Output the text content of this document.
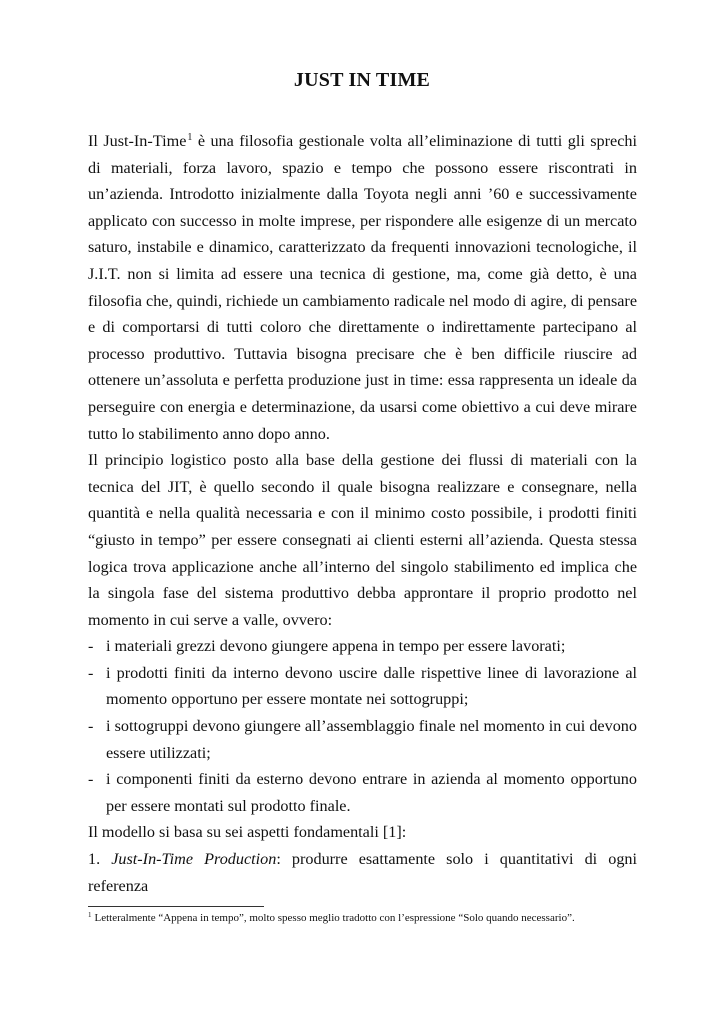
JUST IN TIME

Il Just-In-Time$^1$ è una filosofia gestionale volta all’eliminazione di tutti gli sprechi di materiali, forza lavoro, spazio e tempo che possono essere riscontrati in un’azienda. Introdotto inizialmente dalla Toyota negli anni ’60 e successivamente applicato con successo in molte imprese, per rispondere alle esigenze di un mercato saturo, instabile e dinamico, caratterizzato da frequenti innovazioni tecnologiche, il J.I.T. non si limita ad essere una tecnica di gestione, ma, come già detto, è una filosofia che, quindi, richiede un cambiamento radicale nel modo di agire, di pensare e di comportarsi di tutti coloro che direttamente o indirettamente partecipano al processo produttivo. Tuttavia bisogna precisare che è ben difficile riuscire ad ottenere un’assoluta e perfetta produzione just in time: essa rappresenta un ideale da perseguire con energia e determinazione, da usarsi come obiettivo a cui deve mirare tutto lo stabilimento anno dopo anno.

Il principio logistico posto alla base della gestione dei flussi di materiali con la tecnica del JIT, è quello secondo il quale bisogna realizzare e consegnare, nella quantità e nella qualità necessaria e con il minimo costo possibile, i prodotti finiti “giusto in tempo” per essere consegnati ai clienti esterni all’azienda. Questa stessa logica trova applicazione anche all’interno del singolo stabilimento ed implica che la singola fase del sistema produttivo debba approntare il proprio prodotto nel momento in cui serve a valle, ovvero:

- i materiali grezzi devono giungere appena in tempo per essere lavorati;
- i prodotti finiti da interno devono uscire dalle rispettive linee di lavorazione al momento opportuno per essere montate nei sottogruppi;
- i sottogruppi devono giungere all’assemblaggio finale nel momento in cui devono essere utilizzati;
- i componenti finiti da esterno devono entrare in azienda al momento opportuno per essere montati sul prodotto finale.

Il modello si basa su sei aspetti fondamentali [1]:

1. Just-In-Time Production: produrre esattamente solo i quantitativi di ogni referenza

$^1$ Letteralmente “Appena in tempo”, molto spesso meglio tradotto con l’espressione “Solo quando necessario”.
